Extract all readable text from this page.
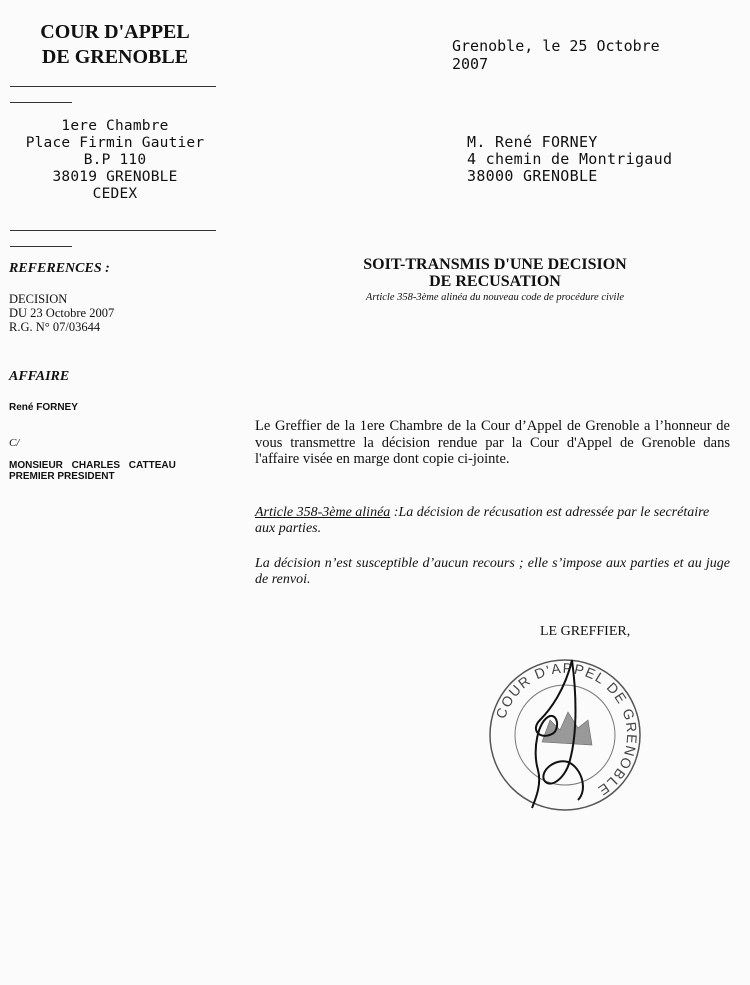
COUR D'APPEL
DE GRENOBLE
1ere Chambre
Place Firmin Gautier
B.P 110
38019 GRENOBLE
CEDEX
Grenoble, le 25 Octobre
2007
M. René FORNEY
4 chemin de Montrigaud
38000 GRENOBLE
REFERENCES :
DECISION
DU 23 Octobre 2007
R.G. N° 07/03644
AFFAIRE
René FORNEY
C/
MONSIEUR CHARLES CATTEAU
PREMIER PRESIDENT
SOIT-TRANSMIS D'UNE DECISION
DE RECUSATION
Article 358-3ème alinéa du nouveau code de procédure civile
Le Greffier de la 1ere Chambre de la Cour d’Appel de Grenoble a l’honneur de vous transmettre la décision rendue par la Cour d'Appel de Grenoble dans l'affaire visée en marge dont copie ci-jointe.
Article 358-3ème alinéa :La décision de récusation est adressée par le secrétaire aux parties.
La décision n’est susceptible d’aucun recours ; elle s’impose aux parties et au juge de renvoi.
LE GREFFIER,
COUR D'APPEL DE GRENOBLE
